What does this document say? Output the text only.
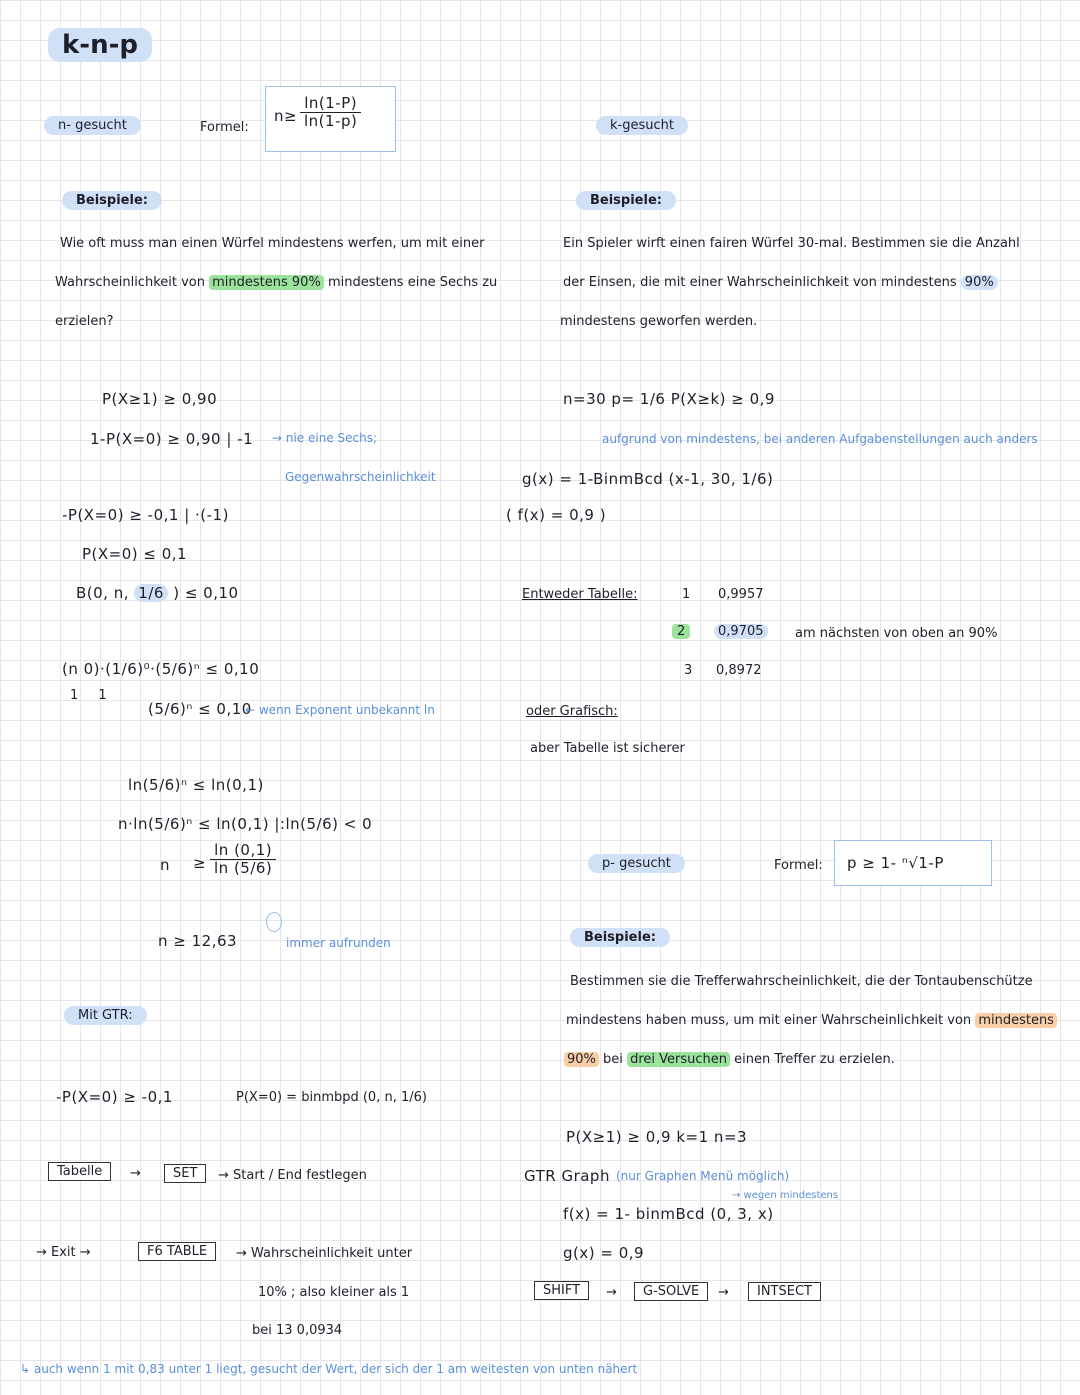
k-n-p
n- gesucht	Formel:
$n\ge \frac{\ln(1-P)}{\ln(1-p)}$
Beispiele:
Wie oft muss man einen Würfel mindestens werfen, um mit einer
Wahrscheinlichkeit von mindestens 90% mindestens eine Sechs zu
erzielen?
P(X≥1) ≥ 0,90
1-P(X=0) ≥ 0,90 | -1 → nie eine Sechs;
Gegenwahrscheinlichkeit
-P(X=0) ≥ -0,1 | ·(-1)
P(X=0) ≤ 0,1
B(0, n, 1/6 ) ≤ 0,10
(n 0)·(1/6)⁰·(5/6)ⁿ ≤ 0,10
1 1
(5/6)ⁿ ≤ 0,10
← wenn Exponent unbekannt ln
ln(5/6)ⁿ ≤ ln(0,1)
n·ln(5/6)ⁿ ≤ ln(0,1) |:ln(5/6) < 0
$n \ge \frac{\ln (0,1)}{\ln (5/6)}$
n ≥ 12,63	immer aufrunden
Mit GTR:
-P(X=0) ≥ -0,1	P(X=0) = binmbpd (0, n, 1/6)
Tabelle	→	SET	→ Start / End festlegen
→ Exit →	F6 TABLE	→ Wahrscheinlichkeit unter
10% ; also kleiner als 1
bei 13 0,0934
↳ auch wenn 1 mit 0,83 unter 1 liegt, gesucht der Wert, der sich der 1 am weitesten von unten nähert
k-gesucht
Beispiele:
Ein Spieler wirft einen fairen Würfel 30-mal. Bestimmen sie die Anzahl
der Einsen, die mit einer Wahrscheinlichkeit von mindestens 90%
mindestens geworfen werden.
n=30 p= 1/6 P(X≥k) ≥ 0,9
aufgrund von mindestens, bei anderen Aufgabenstellungen auch anders
g(x) = 1-BinmBcd (x-1, 30, 1/6)
( f(x) = 0,9 )
Entweder Tabelle:	1 0,9957
2	0,9705	am nächsten von oben an 90%
3 0,8972
oder Grafisch:
aber Tabelle ist sicherer
p- gesucht	Formel:	p ≥ 1- ⁿ√1-P
Beispiele:
Bestimmen sie die Trefferwahrscheinlichkeit, die der Tontaubenschütze
mindestens haben muss, um mit einer Wahrscheinlichkeit von mindestens
90% bei drei Versuchen einen Treffer zu erzielen.
P(X≥1) ≥ 0,9 k=1 n=3
GTR Graph (nur Graphen Menü möglich)
→ wegen mindestens
f(x) = 1- binmBcd (0, 3, x)
g(x) = 0,9
SHIFT	→	G-SOLVE	→	INTSECT
